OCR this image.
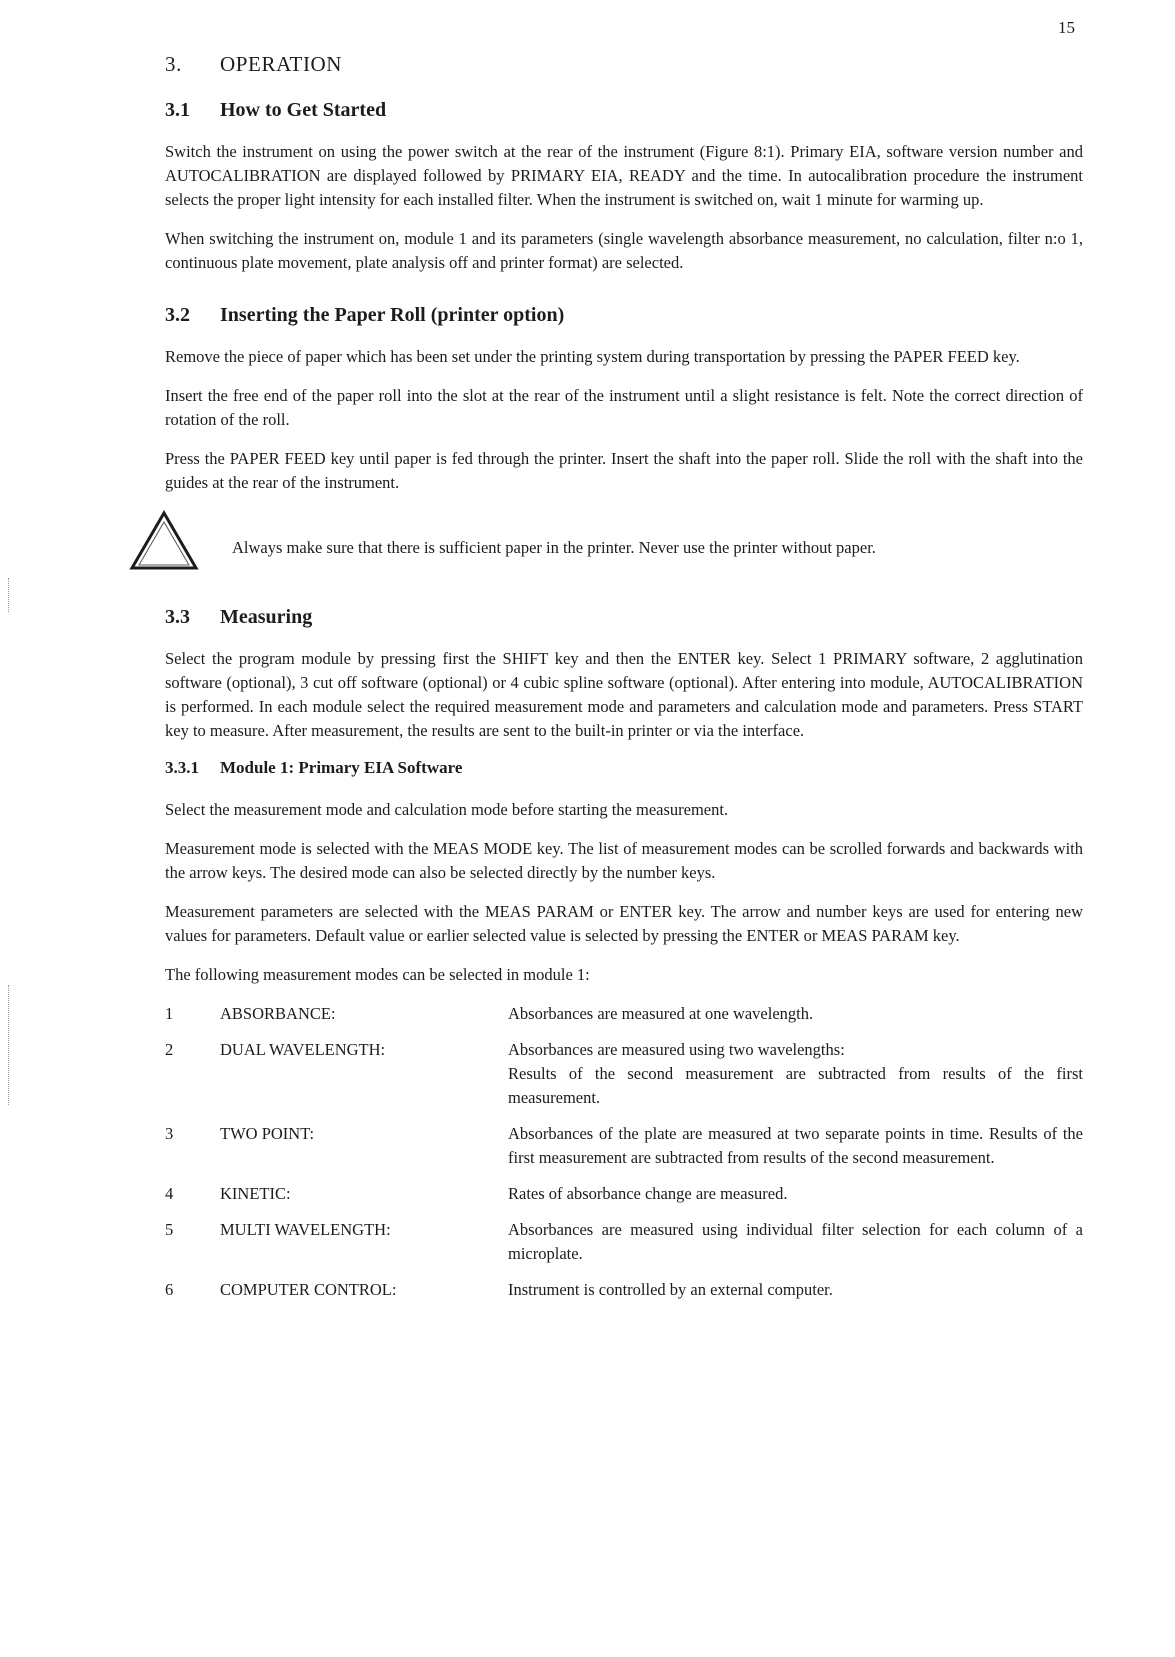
15
3.	OPERATION
3.1	How to Get Started

Switch the instrument on using the power switch at the rear of the instrument (Figure 8:1). Primary EIA, software version number and AUTOCALIBRATION are displayed followed by PRIMARY EIA, READY and the time. In autocalibration procedure the instrument selects the proper light intensity for each installed filter. When the instrument is switched on, wait 1 minute for warming up.

When switching the instrument on, module 1 and its parameters (single wavelength absorbance measurement, no calculation, filter n:o 1, continuous plate movement, plate analysis off and printer format) are selected.

3.2	Inserting the Paper Roll (printer option)

Remove the piece of paper which has been set under the printing system during transportation by pressing the PAPER FEED key.

Insert the free end of the paper roll into the slot at the rear of the instrument until a slight resistance is felt. Note the correct direction of rotation of the roll.

Press the PAPER FEED key until paper is fed through the printer. Insert the shaft into the paper roll. Slide the roll with the shaft into the guides at the rear of the instrument.

Always make sure that there is sufficient paper in the printer. Never use the printer without paper.
3.3	Measuring

Select the program module by pressing first the SHIFT key and then the ENTER key. Select 1 PRIMARY software, 2 agglutination software (optional), 3 cut off software (optional) or 4 cubic spline software (optional). After entering into module, AUTOCALIBRATION is performed. In each module select the required measurement mode and parameters and calculation mode and parameters. Press START key to measure. After measurement, the results are sent to the built-in printer or via the interface.

3.3.1	Module 1: Primary EIA Software

Select the measurement mode and calculation mode before starting the measurement.

Measurement mode is selected with the MEAS MODE key. The list of measurement modes can be scrolled forwards and backwards with the arrow keys. The desired mode can also be selected directly by the number keys.

Measurement parameters are selected with the MEAS PARAM or ENTER key. The arrow and number keys are used for entering new values for parameters. Default value or earlier selected value is selected by pressing the ENTER or MEAS PARAM key.

The following measurement modes can be selected in module 1:

1	ABSORBANCE:	Absorbances are measured at one wavelength.
2	DUAL WAVELENGTH:	Absorbances are measured using two wavelengths:
Results of the second measurement are subtracted from results of the first measurement.
3	TWO POINT:	Absorbances of the plate are measured at two separate points in time. Results of the first measurement are subtracted from results of the second measurement.
4	KINETIC:	Rates of absorbance change are measured.
5	MULTI WAVELENGTH:	Absorbances are measured using individual filter selection for each column of a microplate.
6	COMPUTER CONTROL:	Instrument is controlled by an external computer.
